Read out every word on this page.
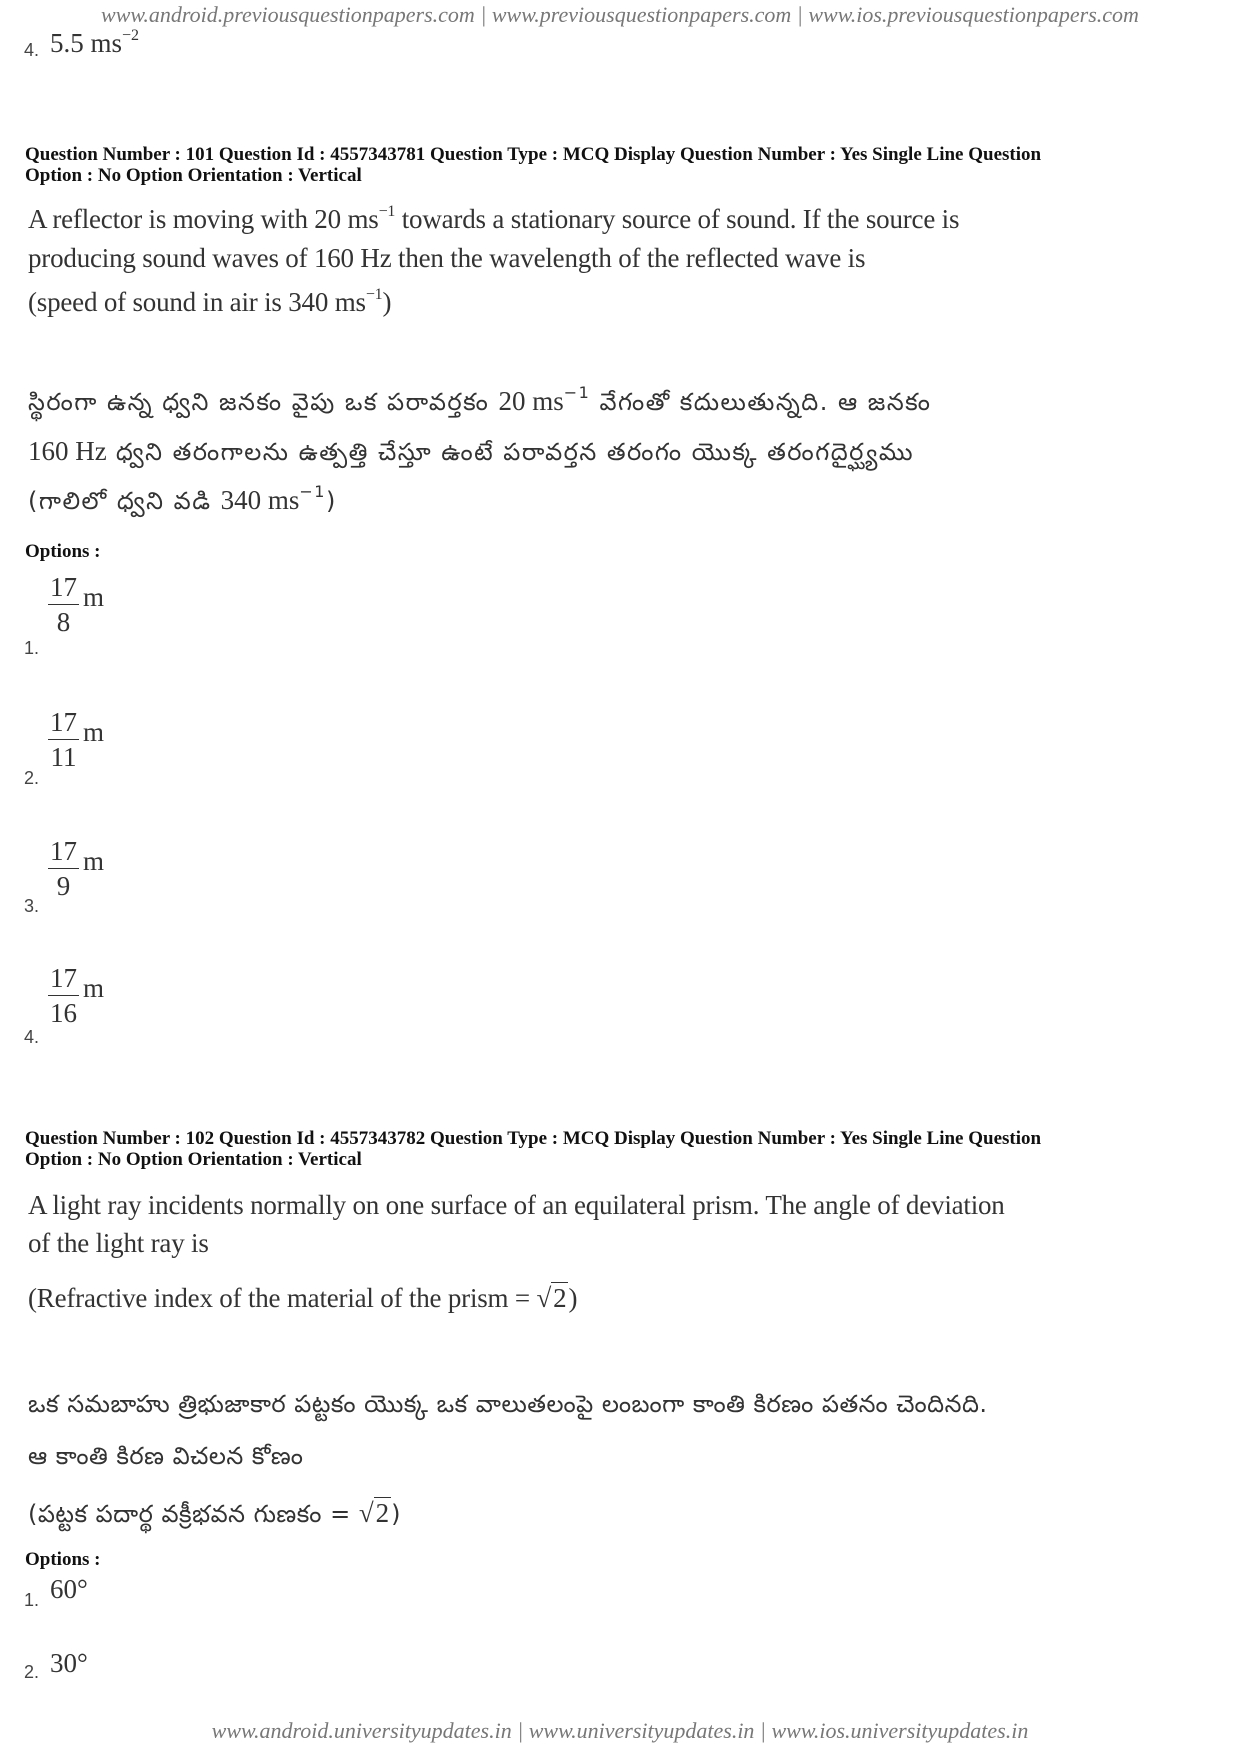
www.android.previousquestionpapers.com | www.previousquestionpapers.com | www.ios.previousquestionpapers.com
4. 5.5 $ms^{-2}$
Question Number : 101 Question Id : 4557343781 Question Type : MCQ Display Question Number : Yes Single Line Question
Option : No Option Orientation : Vertical
A reflector is moving with 20 $ms^{-1}$ towards a stationary source of sound. If the source is
producing sound waves of 160 Hz then the wavelength of the reflected wave is
(speed of sound in air is 340 $ms^{-1}$)
స్థిరంగా ఉన్న ధ్వని జనకం వైపు ఒక పరావర్తకం 20 $ms^{-1}$ వేగంతో కదులుతున్నది. ఆ జనకం
160 Hz ధ్వని తరంగాలను ఉత్పత్తి చేస్తూ ఉంటే పరావర్తన తరంగం యొక్క తరంగదైర్ఘ్యము
(గాలిలో ధ్వని వడి 340 $ms^{-1}$)
Options :
1.
$\frac{17}{8}$ m
2.
$\frac{17}{11}$ m
3.
$\frac{17}{9}$ m
4.
$\frac{17}{16}$ m
Question Number : 102 Question Id : 4557343782 Question Type : MCQ Display Question Number : Yes Single Line Question
Option : No Option Orientation : Vertical
A light ray incidents normally on one surface of an equilateral prism. The angle of deviation
of the light ray is
(Refractive index of the material of the prism = √2)
ఒక సమబాహు త్రిభుజాకార పట్టకం యొక్క ఒక వాలుతలంపై లంబంగా కాంతి కిరణం పతనం చెందినది.
ఆ కాంతి కిరణ విచలన కోణం
(పట్టక పదార్థ వక్రీభవన గుణకం = √2)
Options :
1. 60°
2. 30°
www.android.universityupdates.in | www.universityupdates.in | www.ios.universityupdates.in
